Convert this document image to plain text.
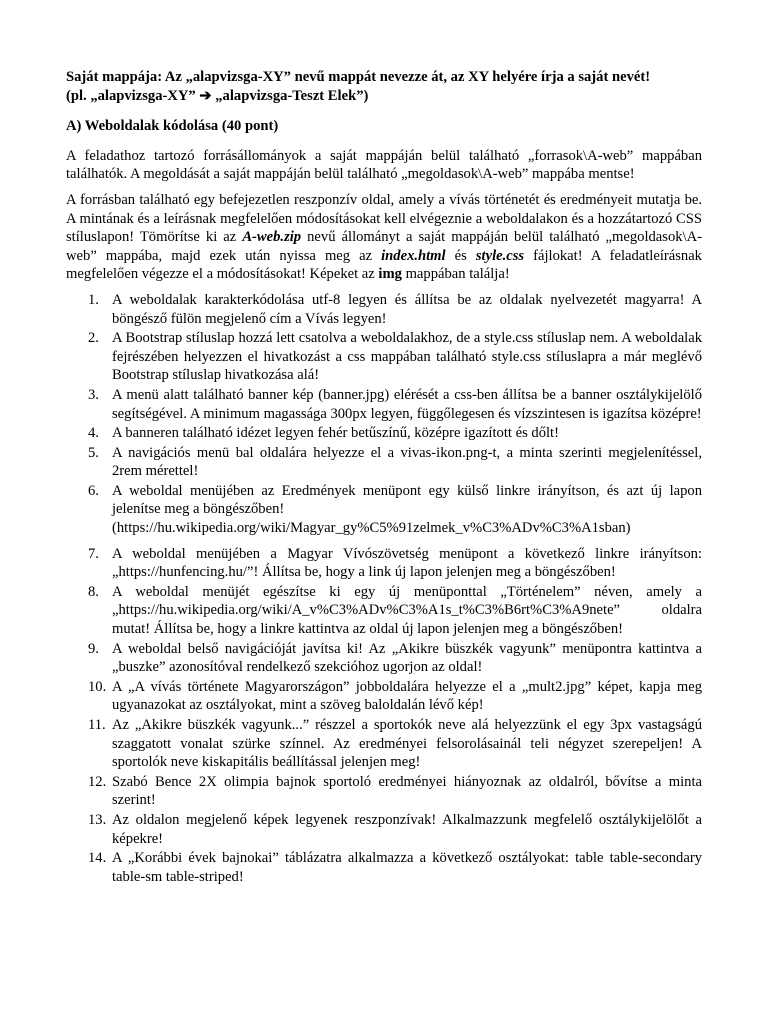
Saját mappája: Az „alapvizsga-XY” nevű mappát nevezze át, az XY helyére írja a saját nevét!
(pl. „alapvizsga-XY” ➔ „alapvizsga-Teszt Elek”)
A) Weboldalak kódolása (40 pont)

A feladathoz tartozó forrásállományok a saját mappáján belül található „forrasok\A-web” mappában találhatók. A megoldását a saját mappáján belül található „megoldasok\A-web” mappába mentse!

A forrásban található egy befejezetlen reszponzív oldal, amely a vívás történetét és eredményeit mutatja be. A mintának és a leírásnak megfelelően módosításokat kell elvégeznie a weboldalakon és a hozzátartozó CSS stíluslapon! Tömörítse ki az A-web.zip nevű állományt a saját mappáján belül található „megoldasok\A-web” mappába, majd ezek után nyissa meg az index.html és style.css fájlokat! A feladatleírásnak megfelelően végezze el a módosításokat! Képeket az img mappában találja!

1. A weboldalak karakterkódolása utf-8 legyen és állítsa be az oldalak nyelvezetét magyarra! A böngésző fülön megjelenő cím a Vívás legyen!
2. A Bootstrap stíluslap hozzá lett csatolva a weboldalakhoz, de a style.css stíluslap nem. A weboldalak fejrészében helyezzen el hivatkozást a css mappában található style.css stíluslapra a már meglévő Bootstrap stíluslap hivatkozása alá!
3. A menü alatt található banner kép (banner.jpg) elérését a css-ben állítsa be a banner osztálykijelölő segítségével. A minimum magassága 300px legyen, függőlegesen és vízszintesen is igazítsa középre!
4. A banneren található idézet legyen fehér betűszínű, középre igazított és dőlt!
5. A navigációs menü bal oldalára helyezze el a vivas-ikon.png-t, a minta szerinti megjelenítéssel, 2rem mérettel!
6. A weboldal menüjében az Eredmények menüpont egy külső linkre irányítson, és azt új lapon jelenítse meg a böngészőben!
(https://hu.wikipedia.org/wiki/Magyar_gy%C5%91zelmek_v%C3%ADv%C3%A1sban)
7. A weboldal menüjében a Magyar Vívószövetség menüpont a következő linkre irányítson: „https://hunfencing.hu/”! Állítsa be, hogy a link új lapon jelenjen meg a böngészőben!
8. A weboldal menüjét egészítse ki egy új menüponttal „Történelem” néven, amely a „https://hu.wikipedia.org/wiki/A_v%C3%ADv%C3%A1s_t%C3%B6rt%C3%A9nete” oldalra mutat! Állítsa be, hogy a linkre kattintva az oldal új lapon jelenjen meg a böngészőben!
9. A weboldal belső navigációját javítsa ki! Az „Akikre büszkék vagyunk” menüpontra kattintva a „buszke” azonosítóval rendelkező szekcióhoz ugorjon az oldal!
10. A „A vívás története Magyarországon” jobboldalára helyezze el a „mult2.jpg” képet, kapja meg ugyanazokat az osztályokat, mint a szöveg baloldalán lévő kép!
11. Az „Akikre büszkék vagyunk...” részzel a sportokók neve alá helyezzünk el egy 3px vastagságú szaggatott vonalat szürke színnel. Az eredményei felsorolásainál teli négyzet szerepeljen! A sportolók neve kiskapitális beállítással jelenjen meg!
12. Szabó Bence 2X olimpia bajnok sportoló eredményei hiányoznak az oldalról, bővítse a minta szerint!
13. Az oldalon megjelenő képek legyenek reszponzívak! Alkalmazzunk megfelelő osztálykijelölőt a képekre!
14. A „Korábbi évek bajnokai” táblázatra alkalmazza a következő osztályokat: table table-secondary table-sm table-striped!
